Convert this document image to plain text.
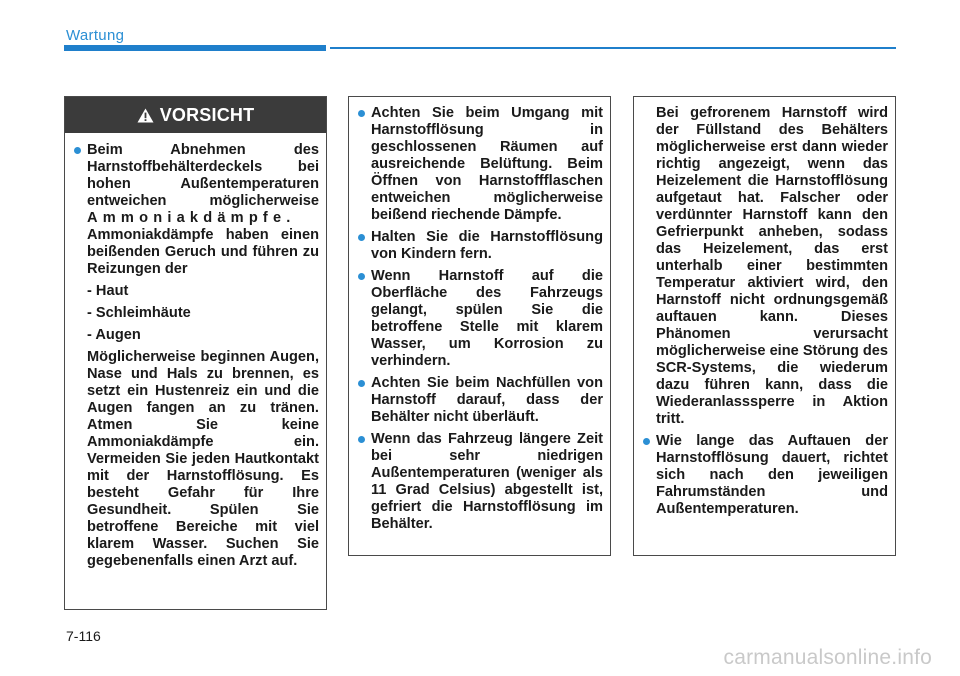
Wartung
VORSICHT
Beim Abnehmen des Harnstoffbehälterdeckels bei hohen Außentemperaturen entweichen möglicherweise Ammoniakdämpfe. Ammoniakdämpfe haben einen beißenden Geruch und führen zu Reizungen der
- Haut
- Schleimhäute
- Augen
Möglicherweise beginnen Augen, Nase und Hals zu brennen, es setzt ein Hustenreiz ein und die Augen fangen an zu tränen. Atmen Sie keine Ammoniakdämpfe ein. Vermeiden Sie jeden Hautkontakt mit der Harnstofflösung. Es besteht Gefahr für Ihre Gesundheit. Spülen Sie betroffene Bereiche mit viel klarem Wasser. Suchen Sie gegebenenfalls einen Arzt auf.
Achten Sie beim Umgang mit Harnstofflösung in geschlossenen Räumen auf ausreichende Belüftung. Beim Öffnen von Harnstoffflaschen entweichen möglicherweise beißend riechende Dämpfe.
Halten Sie die Harnstofflösung von Kindern fern.
Wenn Harnstoff auf die Oberfläche des Fahrzeugs gelangt, spülen Sie die betroffene Stelle mit klarem Wasser, um Korrosion zu verhindern.
Achten Sie beim Nachfüllen von Harnstoff darauf, dass der Behälter nicht überläuft.
Wenn das Fahrzeug längere Zeit bei sehr niedrigen Außentemperaturen (weniger als 11 Grad Celsius) abgestellt ist, gefriert die Harnstofflösung im Behälter.
Bei gefrorenem Harnstoff wird der Füllstand des Behälters möglicherweise erst dann wieder richtig angezeigt, wenn das Heizelement die Harnstofflösung aufgetaut hat. Falscher oder verdünnter Harnstoff kann den Gefrierpunkt anheben, sodass das Heizelement, das erst unterhalb einer bestimmten Temperatur aktiviert wird, den Harnstoff nicht ordnungsgemäß auftauen kann. Dieses Phänomen verursacht möglicherweise eine Störung des SCR-Systems, die wiederum dazu führen kann, dass die Wiederanlasssperre in Aktion tritt.
Wie lange das Auftauen der Harnstofflösung dauert, richtet sich nach den jeweiligen Fahrumständen und Außentemperaturen.
7-116
carmanualsonline.info
